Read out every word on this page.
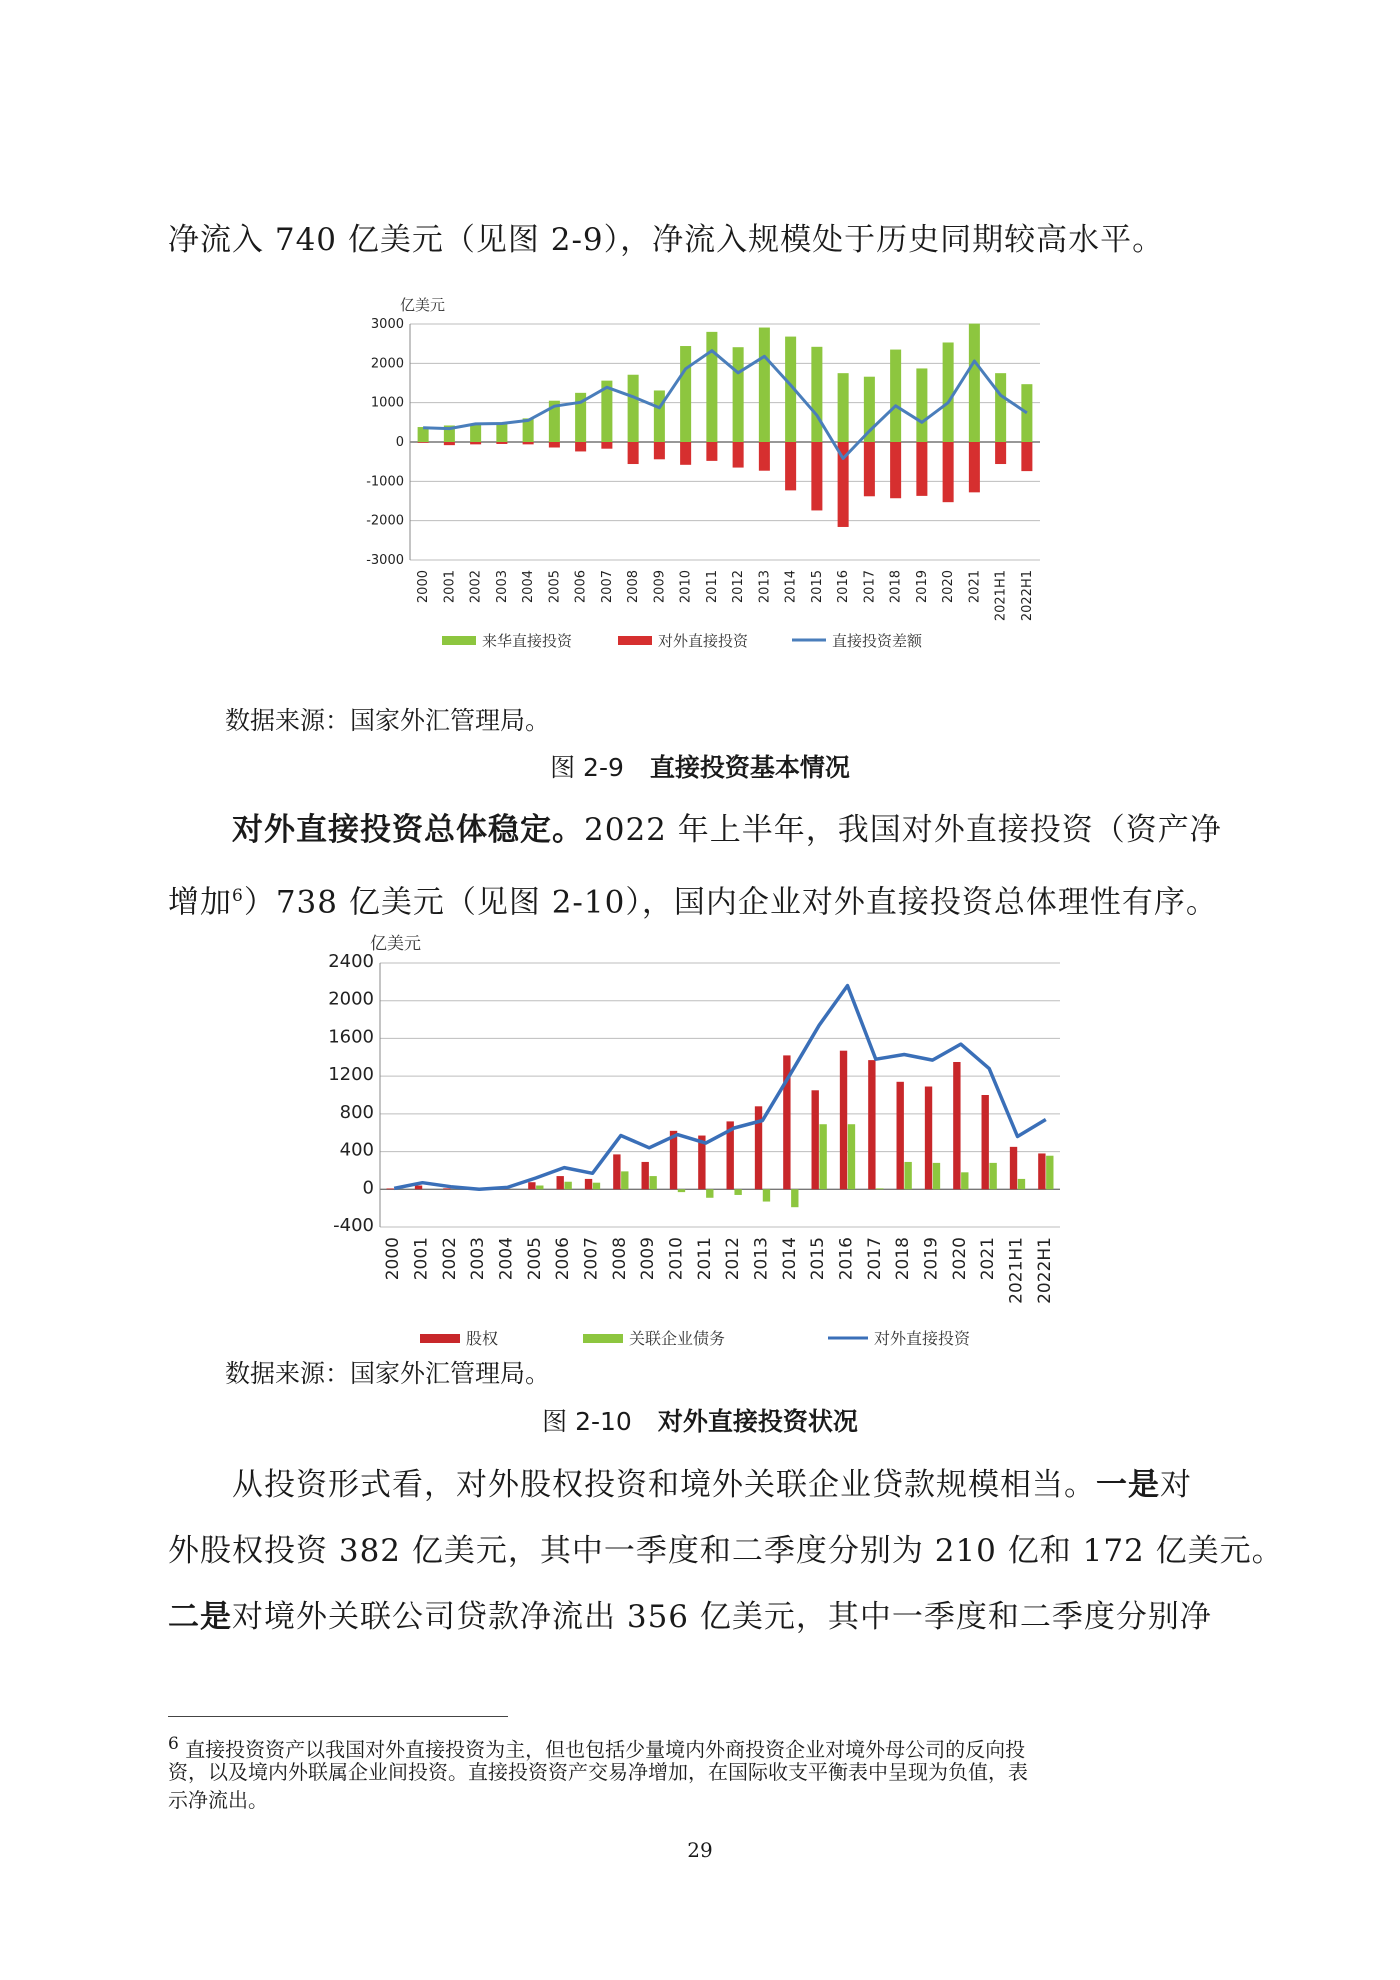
净流入 740 亿美元（见图 2-9），净流入规模处于历史同期较高水平。
3000
2000
1000
0
-1000
-2000
-3000
亿美元
2000 2001 2002 2003 2004 2005 2006 2007 2008 2009 2010 2011 2012 2013 2014 2015 2016 2017 2018 2019 2020 2021 2021H1 2022H1
来华直接投资	对外直接投资	直接投资差额
数据来源：国家外汇管理局。
图 2-9 直接投资基本情况
对外直接投资总体稳定。2022 年上半年，我国对外直接投资（资产净
增加$^6$）738 亿美元（见图 2-10），国内企业对外直接投资总体理性有序。
2400
2000
1600
1200
800
400
0
-400
亿美元
2000 2001 2002 2003 2004 2005 2006 2007 2008 2009 2010 2011 2012 2013 2014 2015 2016 2017 2018 2019 2020 2021 2021H1 2022H1
股权	关联企业债务	对外直接投资
数据来源：国家外汇管理局。
图 2-10 对外直接投资状况
从投资形式看，对外股权投资和境外关联企业贷款规模相当。一是对
外股权投资 382 亿美元，其中一季度和二季度分别为 210 亿和 172 亿美元。
二是对境外关联公司贷款净流出 356 亿美元，其中一季度和二季度分别净
$^6$ 直接投资资产以我国对外直接投资为主，但也包括少量境内外商投资企业对境外母公司的反向投
资，以及境内外联属企业间投资。直接投资资产交易净增加，在国际收支平衡表中呈现为负值，表
示净流出。
29
